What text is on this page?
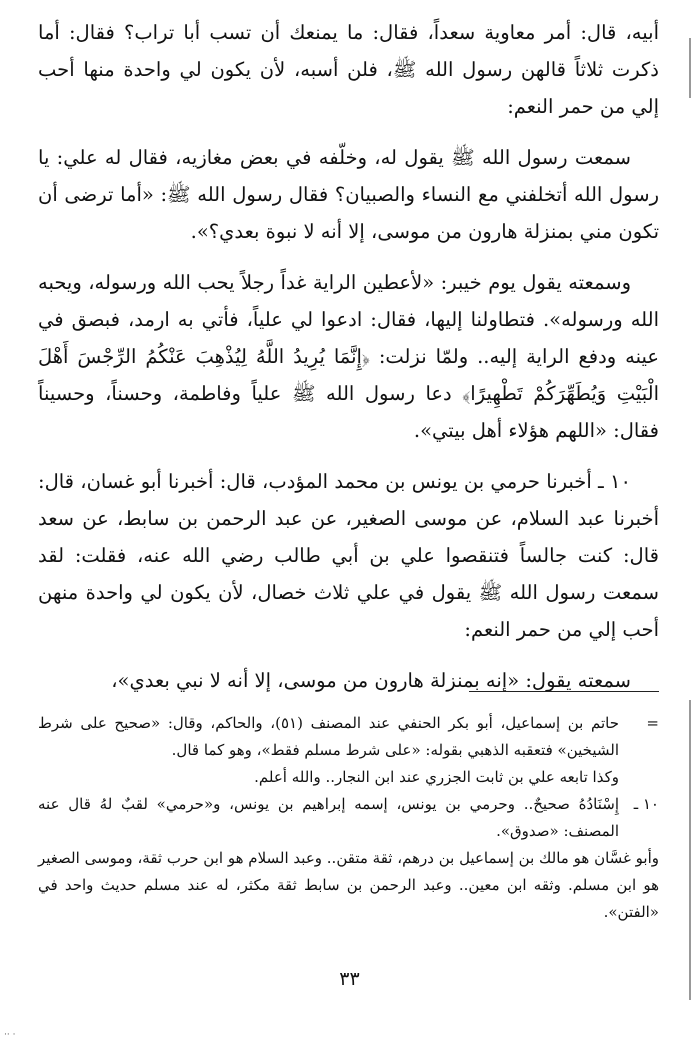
أبيه، قال: أمر معاوية سعداً، فقال: ما يمنعك أن تسب أبا تراب؟ فقال: أما ذكرت ثلاثاً قالهن رسول الله ﷺ، فلن أسبه، لأن يكون لي واحدة منها أحب إلي من حمر النعم:

سمعت رسول الله ﷺ يقول له، وخلّفه في بعض مغازيه، فقال له علي: يا رسول الله أتخلفني مع النساء والصبيان؟ فقال رسول الله ﷺ: «أما ترضى أن تكون مني بمنزلة هارون من موسى، إلا أنه لا نبوة بعدي؟».

وسمعته يقول يوم خيبر: «لأعطين الراية غداً رجلاً يحب الله ورسوله، ويحبه الله ورسوله». فتطاولنا إليها، فقال: ادعوا لي علياً، فأتي به ارمد، فبصق في عينه ودفع الراية إليه.. ولمّا نزلت: ﴿إِنَّمَا يُرِيدُ اللَّهُ لِيُذْهِبَ عَنْكُمُ الرِّجْسَ أَهْلَ الْبَيْتِ وَيُطَهِّرَكُمْ تَطْهِيرًا﴾ دعا رسول الله ﷺ علياً وفاطمة، وحسناً، وحسيناً فقال: «اللهم هؤلاء أهل بيتي».

١٠ ـ أخبرنا حرمي بن يونس بن محمد المؤدب، قال: أخبرنا أبو غسان، قال: أخبرنا عبد السلام، عن موسى الصغير، عن عبد الرحمن بن سابط، عن سعد قال: كنت جالساً فتنقصوا علي بن أبي طالب رضي الله عنه، فقلت: لقد سمعت رسول الله ﷺ يقول في علي ثلاث خصال، لأن يكون لي واحدة منهن أحب إلي من حمر النعم:

سمعته يقول: «إنه بمنزلة هارون من موسى، إلا أنه لا نبي بعدي»،

=
حاتم بن إسماعيل، أبو بكر الحنفي عند المصنف (٥١)، والحاكم، وقال: «صحيح على شرط الشيخين» فتعقبه الذهبي بقوله: «على شرط مسلم فقط»، وهو كما قال.

وكذا تابعه علي بن ثابت الجزري عند ابن النجار.. والله أعلم.

١٠ ـ
إِسْنَادُهُ صحيحٌ.. وحرمي بن يونس، إسمه إبراهيم بن يونس، و«حرمي» لقبٌ لهُ قال عنه المصنف: «صدوق».

وأبو غسَّان هو مالك بن إسماعيل بن درهم، ثقة متقن.. وعبد السلام هو ابن حرب ثقة، وموسى الصغير هو ابن مسلم. وثقه ابن معين.. وعبد الرحمن بن سابط ثقة مكثر، له عند مسلم حديث واحد في «الفتن».

٣٣
·· ·
